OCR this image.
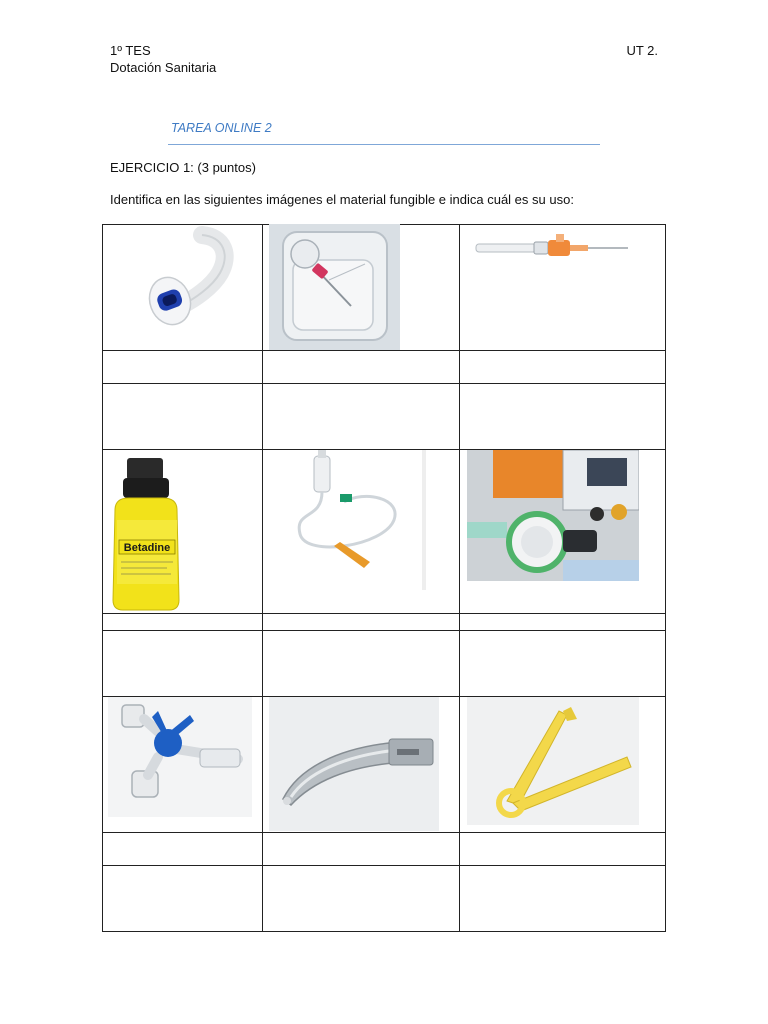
1º TES
Dotación Sanitaria
UT 2.
TAREA ONLINE 2
EJERCICIO 1: (3 puntos)
Identifica en las siguientes imágenes el material fungible e indica cuál es su uso:
Betadine
